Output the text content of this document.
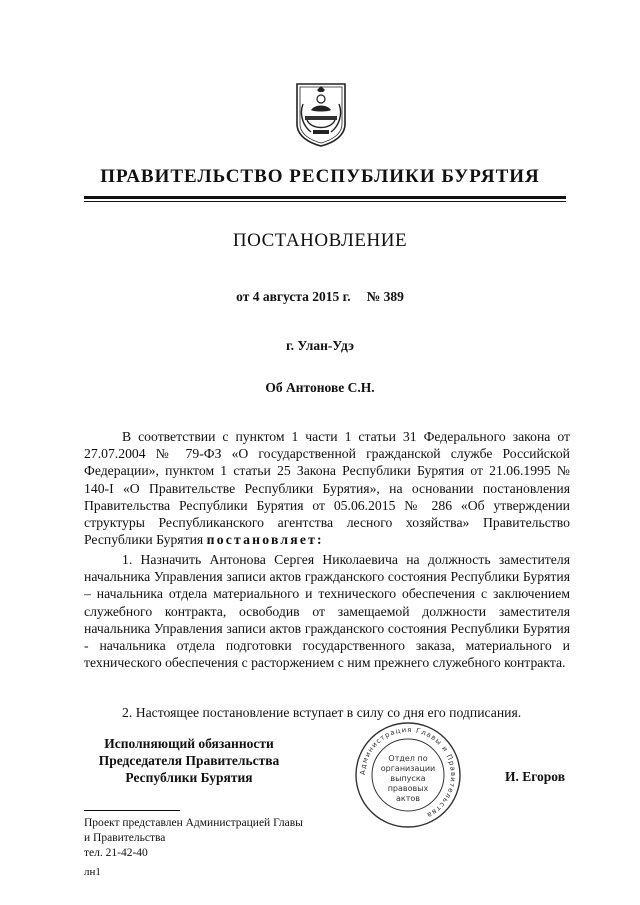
ПРАВИТЕЛЬСТВО РЕСПУБЛИКИ БУРЯТИЯ
ПОСТАНОВЛЕНИЕ
от 4 августа 2015 г. № 389
г. Улан-Удэ
Об Антонове С.Н.

В соответствии с пунктом 1 части 1 статьи 31 Федерального закона от 27.07.2004 № 79-ФЗ «О государственной гражданской службе Российской Федерации», пунктом 1 статьи 25 Закона Республики Бурятия от 21.06.1995 № 140-I «О Правительстве Республики Бурятия», на основании постановления Правительства Республики Бурятия от 05.06.2015 № 286 «Об утверждении структуры Республиканского агентства лесного хозяйства» Правительство Республики Бурятия постановляет:

1. Назначить Антонова Сергея Николаевича на должность заместителя начальника Управления записи актов гражданского состояния Республики Бурятия – начальника отдела материального и технического обеспечения с заключением служебного контракта, освободив от замещаемой должности заместителя начальника Управления записи актов гражданского состояния Республики Бурятия - начальника отдела подготовки государственного заказа, материального и технического обеспечения с расторжением с ним прежнего служебного контракта.

2. Настоящее постановление вступает в силу со дня его подписания.

Исполняющий обязанности
Председателя Правительства
Республики Бурятия	Администрация Главы и Правительства
Отдел по
организации
выпуска
правовых
актов
И. Егоров
Проект представлен Администрацией Главы
и Правительства
тел. 21-42-40
лн1
